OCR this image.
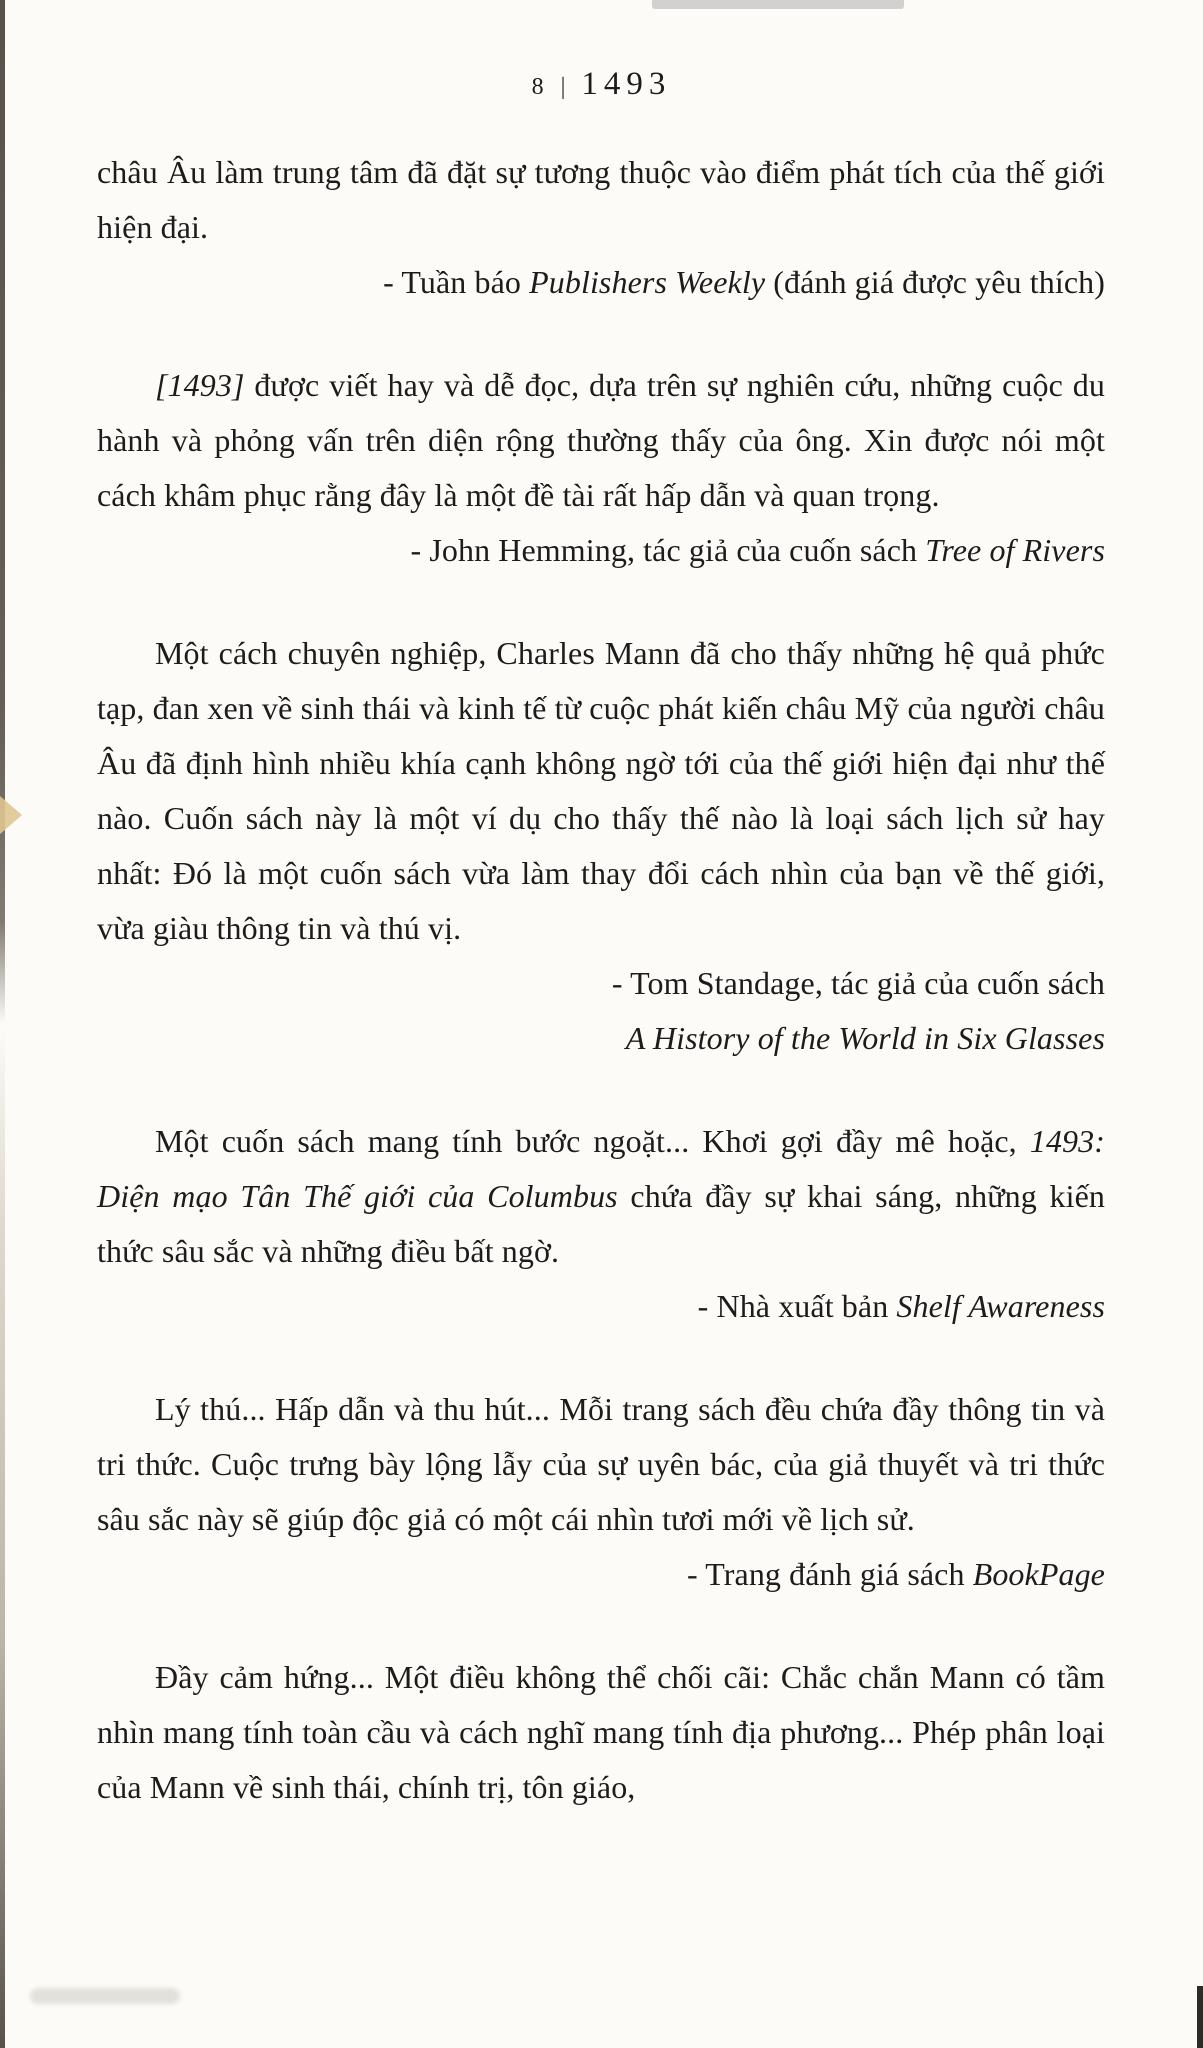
8 | 1493

châu Âu làm trung tâm đã đặt sự tương thuộc vào điểm phát tích của thế giới hiện đại.

- Tuần báo Publishers Weekly (đánh giá được yêu thích)

[1493] được viết hay và dễ đọc, dựa trên sự nghiên cứu, những cuộc du hành và phỏng vấn trên diện rộng thường thấy của ông. Xin được nói một cách khâm phục rằng đây là một đề tài rất hấp dẫn và quan trọng.

- John Hemming, tác giả của cuốn sách Tree of Rivers

Một cách chuyên nghiệp, Charles Mann đã cho thấy những hệ quả phức tạp, đan xen về sinh thái và kinh tế từ cuộc phát kiến châu Mỹ của người châu Âu đã định hình nhiều khía cạnh không ngờ tới của thế giới hiện đại như thế nào. Cuốn sách này là một ví dụ cho thấy thế nào là loại sách lịch sử hay nhất: Đó là một cuốn sách vừa làm thay đổi cách nhìn của bạn về thế giới, vừa giàu thông tin và thú vị.

- Tom Standage, tác giả của cuốn sách

A History of the World in Six Glasses

Một cuốn sách mang tính bước ngoặt... Khơi gợi đầy mê hoặc, 1493: Diện mạo Tân Thế giới của Columbus chứa đầy sự khai sáng, những kiến thức sâu sắc và những điều bất ngờ.

- Nhà xuất bản Shelf Awareness

Lý thú... Hấp dẫn và thu hút... Mỗi trang sách đều chứa đầy thông tin và tri thức. Cuộc trưng bày lộng lẫy của sự uyên bác, của giả thuyết và tri thức sâu sắc này sẽ giúp độc giả có một cái nhìn tươi mới về lịch sử.

- Trang đánh giá sách BookPage

Đầy cảm hứng... Một điều không thể chối cãi: Chắc chắn Mann có tầm nhìn mang tính toàn cầu và cách nghĩ mang tính địa phương... Phép phân loại của Mann về sinh thái, chính trị, tôn giáo,
